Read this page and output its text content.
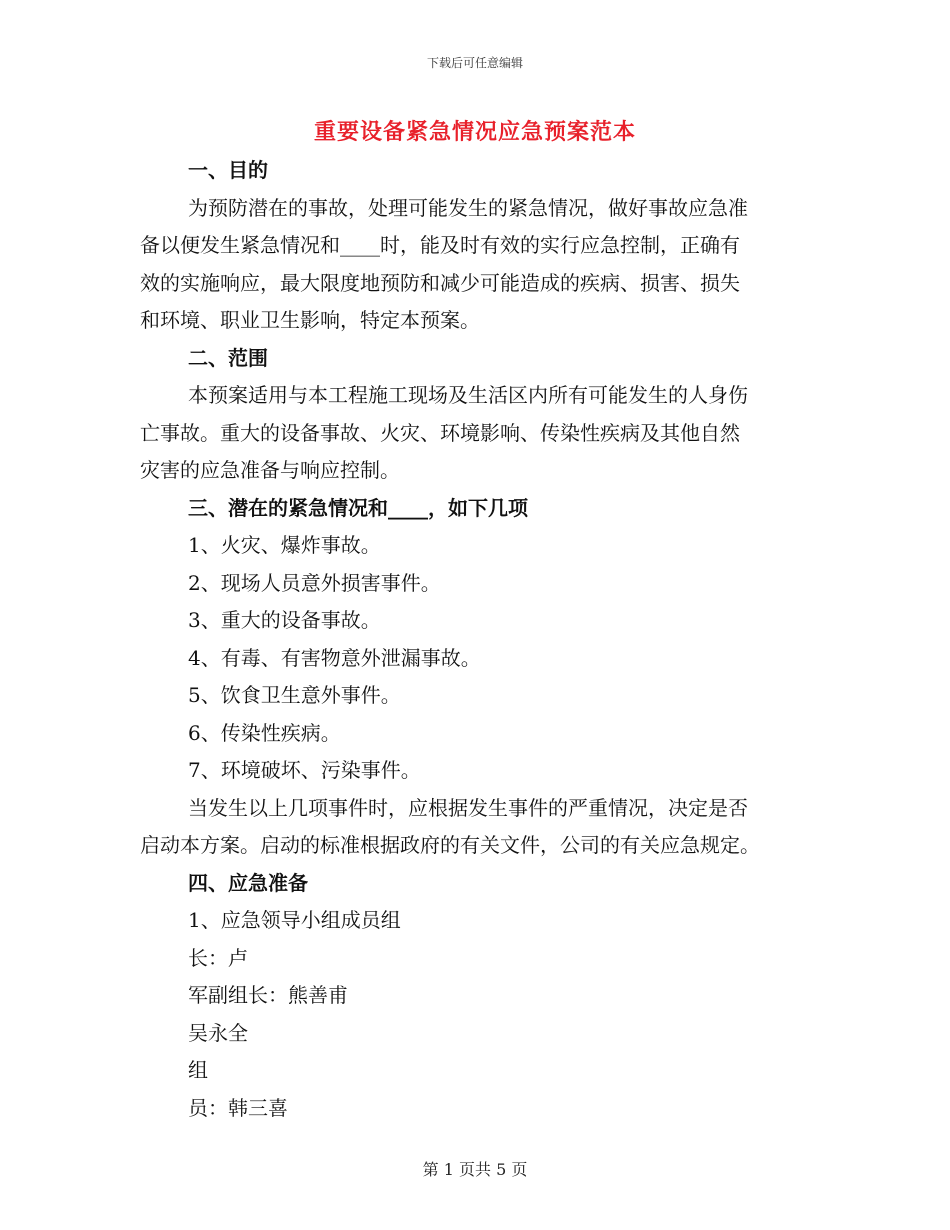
下载后可任意编辑
重要设备紧急情况应急预案范本

一、目的

为预防潜在的事故，处理可能发生的紧急情况，做好事故应急准

备以便发生紧急情况和____时，能及时有效的实行应急控制，正确有

效的实施响应，最大限度地预防和减少可能造成的疾病、损害、损失

和环境、职业卫生影响，特定本预案。

二、范围

本预案适用与本工程施工现场及生活区内所有可能发生的人身伤

亡事故。重大的设备事故、火灾、环境影响、传染性疾病及其他自然

灾害的应急准备与响应控制。

三、潜在的紧急情况和____，如下几项

1、火灾、爆炸事故。

2、现场人员意外损害事件。

3、重大的设备事故。

4、有毒、有害物意外泄漏事故。

5、饮食卫生意外事件。

6、传染性疾病。

7、环境破坏、污染事件。

当发生以上几项事件时，应根据发生事件的严重情况，决定是否

启动本方案。启动的标准根据政府的有关文件，公司的有关应急规定。

四、应急准备

1、应急领导小组成员组

长：卢

军副组长：熊善甫

吴永全

组

员：韩三喜

第 1 页共 5 页
